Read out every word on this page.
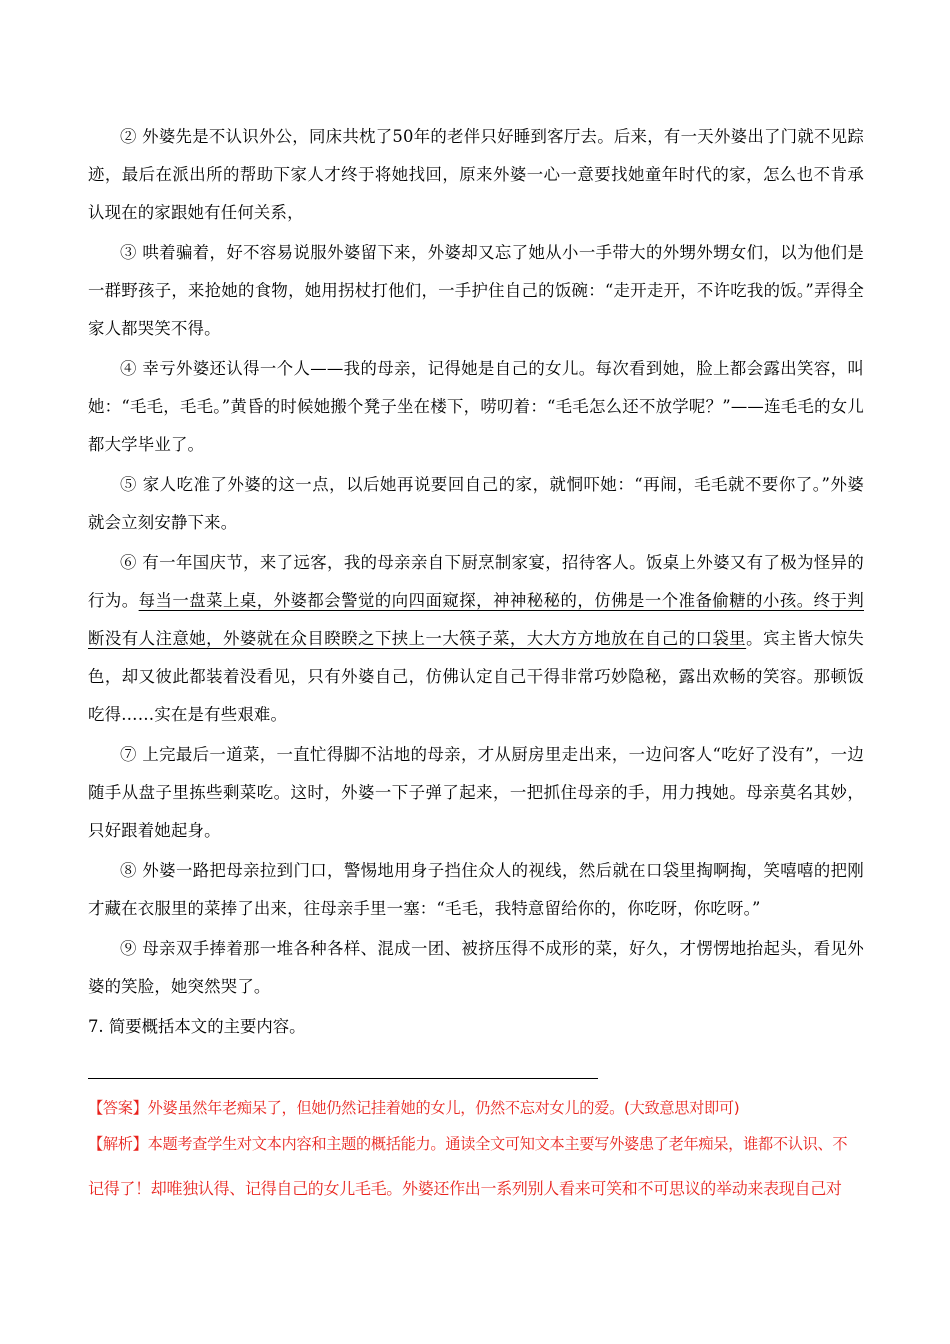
② 外婆先是不认识外公，同床共枕了50年的老伴只好睡到客厅去。后来，有一天外婆出了门就不见踪迹，最后在派出所的帮助下家人才终于将她找回，原来外婆一心一意要找她童年时代的家，怎么也不肯承认现在的家跟她有任何关系，

③ 哄着骗着，好不容易说服外婆留下来，外婆却又忘了她从小一手带大的外甥外甥女们，以为他们是一群野孩子，来抢她的食物，她用拐杖打他们，一手护住自己的饭碗：“走开走开，不许吃我的饭。”弄得全家人都哭笑不得。

④ 幸亏外婆还认得一个人——我的母亲，记得她是自己的女儿。每次看到她，脸上都会露出笑容，叫她：“毛毛，毛毛。”黄昏的时候她搬个凳子坐在楼下，唠叨着：“毛毛怎么还不放学呢？”——连毛毛的女儿都大学毕业了。

⑤ 家人吃准了外婆的这一点，以后她再说要回自己的家，就恫吓她：“再闹，毛毛就不要你了。”外婆就会立刻安静下来。

⑥ 有一年国庆节，来了远客，我的母亲亲自下厨烹制家宴，招待客人。饭桌上外婆又有了极为怪异的行为。每当一盘菜上桌，外婆都会警觉的向四面窥探，神神秘秘的，仿佛是一个准备偷糖的小孩。终于判断没有人注意她，外婆就在众目睽睽之下挟上一大筷子菜，大大方方地放在自己的口袋里。宾主皆大惊失色，却又彼此都装着没看见，只有外婆自己，仿佛认定自己干得非常巧妙隐秘，露出欢畅的笑容。那顿饭吃得……实在是有些艰难。

⑦ 上完最后一道菜，一直忙得脚不沾地的母亲，才从厨房里走出来，一边问客人“吃好了没有”，一边随手从盘子里拣些剩菜吃。这时，外婆一下子弹了起来，一把抓住母亲的手，用力拽她。母亲莫名其妙，只好跟着她起身。

⑧ 外婆一路把母亲拉到门口，警惕地用身子挡住众人的视线，然后就在口袋里掏啊掏，笑嘻嘻的把刚才藏在衣服里的菜捧了出来，往母亲手里一塞：“毛毛，我特意留给你的，你吃呀，你吃呀。”

⑨ 母亲双手捧着那一堆各种各样、混成一团、被挤压得不成形的菜，好久，才愣愣地抬起头，看见外婆的笑脸，她突然哭了。

7. 简要概括本文的主要内容。

【答案】外婆虽然年老痴呆了，但她仍然记挂着她的女儿，仍然不忘对女儿的爱。(大致意思对即可)

【解析】本题考查学生对文本内容和主题的概括能力。通读全文可知文本主要写外婆患了老年痴呆，谁都不认识、不

记得了！却唯独认得、记得自己的女儿毛毛。外婆还作出一系列别人看来可笑和不可思议的举动来表现自己对
